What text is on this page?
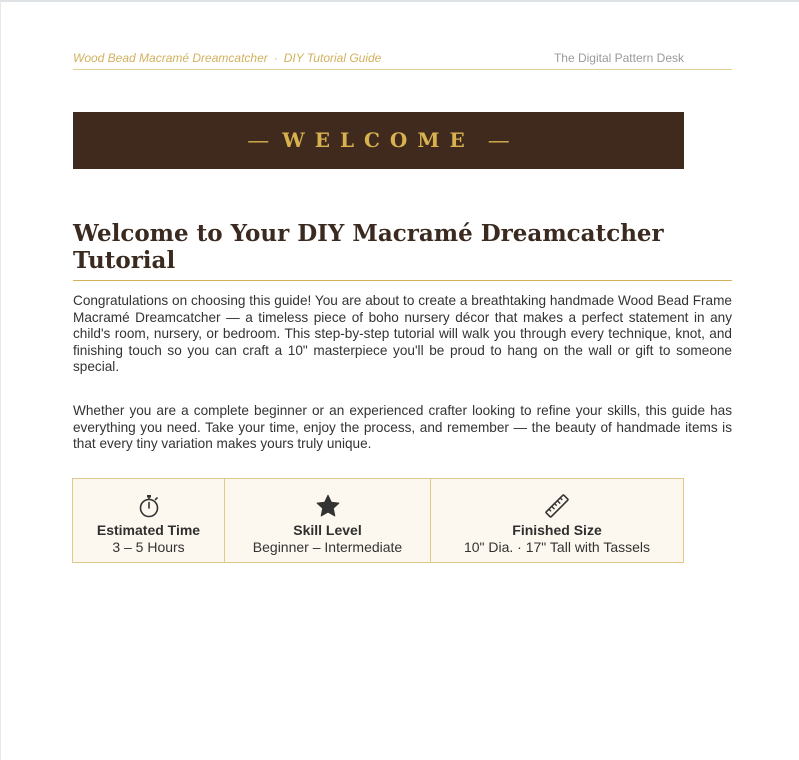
Wood Bead Macramé Dreamcatcher · DIY Tutorial Guide	The Digital Pattern Desk
— WELCOME —
Welcome to Your DIY Macramé Dreamcatcher Tutorial

Congratulations on choosing this guide! You are about to create a breathtaking handmade Wood Bead Frame Macramé Dreamcatcher — a timeless piece of boho nursery décor that makes a perfect statement in any child's room, nursery, or bedroom. This step-by-step tutorial will walk you through every technique, knot, and finishing touch so you can craft a 10" masterpiece you'll be proud to hang on the wall or gift to someone special.

Whether you are a complete beginner or an experienced crafter looking to refine your skills, this guide has everything you need. Take your time, enjoy the process, and remember — the beauty of handmade items is that every tiny variation makes yours truly unique.

Estimated Time
3 – 5 Hours
Skill Level
Beginner – Intermediate
Finished Size
10" Dia. · 17" Tall with Tassels
